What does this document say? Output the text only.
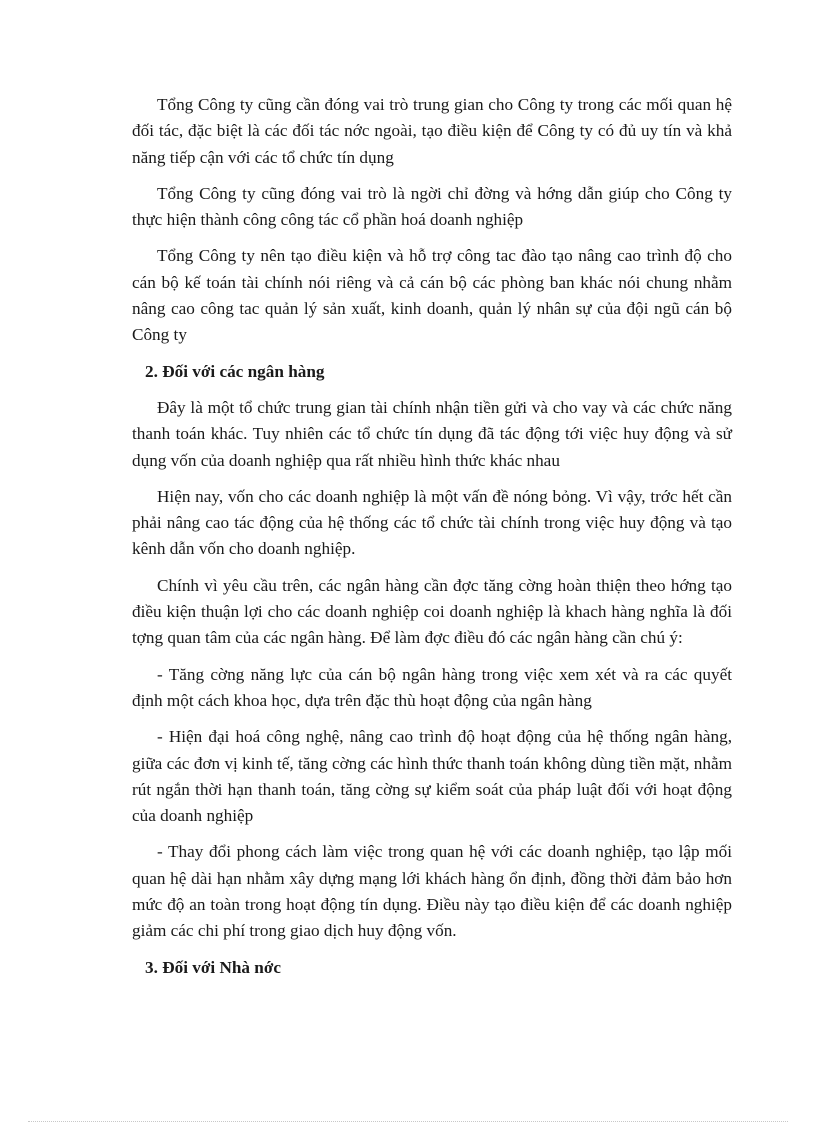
Tổng Công ty cũng cần đóng vai trò trung gian cho Công ty trong các mối quan hệ đối tác, đặc biệt là các đối tác nớc ngoài, tạo điều kiện để Công ty có đủ uy tín và khả năng tiếp cận với các tổ chức tín dụng

Tổng Công ty cũng đóng vai trò là ngời chỉ đờng và hớng dẫn giúp cho Công ty thực hiện thành công công tác cổ phần hoá doanh nghiệp

Tổng Công ty nên tạo điều kiện và hỗ trợ công tac đào tạo nâng cao trình độ cho cán bộ kế toán tài chính nói riêng và cả cán bộ các phòng ban khác nói chung nhằm nâng cao công tac quản lý sản xuất, kinh doanh, quản lý nhân sự của đội ngũ cán bộ Công ty

2. Đối với các ngân hàng

Đây là một tổ chức trung gian tài chính nhận tiền gửi và cho vay và các chức năng thanh toán khác. Tuy nhiên các tổ chức tín dụng đã tác động tới việc huy động và sử dụng vốn của doanh nghiệp qua rất nhiều hình thức khác nhau

Hiện nay, vốn cho các doanh nghiệp là một vấn đề nóng bỏng. Vì vậy, trớc hết cần phải nâng cao tác động của hệ thống các tổ chức tài chính trong việc huy động và tạo kênh dẫn vốn cho doanh nghiệp.

Chính vì yêu cầu trên, các ngân hàng cần đợc tăng cờng hoàn thiện theo hớng tạo điều kiện thuận lợi cho các doanh nghiệp coi doanh nghiệp là khach hàng nghĩa là đối tợng quan tâm của các ngân hàng. Để làm đợc điều đó các ngân hàng cần chú ý:

- Tăng cờng năng lực của cán bộ ngân hàng trong việc xem xét và ra các quyết định một cách khoa học, dựa trên đặc thù hoạt động của ngân hàng

- Hiện đại hoá công nghệ, nâng cao trình độ hoạt động của hệ thống ngân hàng, giữa các đơn vị kinh tế, tăng cờng các hình thức thanh toán không dùng tiền mặt, nhằm rút ngắn thời hạn thanh toán, tăng cờng sự kiểm soát của pháp luật đối với hoạt động của doanh nghiệp

- Thay đổi phong cách làm việc trong quan hệ với các doanh nghiệp, tạo lập mối quan hệ dài hạn nhằm xây dựng mạng lới khách hàng ổn định, đồng thời đảm bảo hơn mức độ an toàn trong hoạt động tín dụng. Điều này tạo điều kiện để các doanh nghiệp giảm các chi phí trong giao dịch huy động vốn.

3. Đối với Nhà nớc
